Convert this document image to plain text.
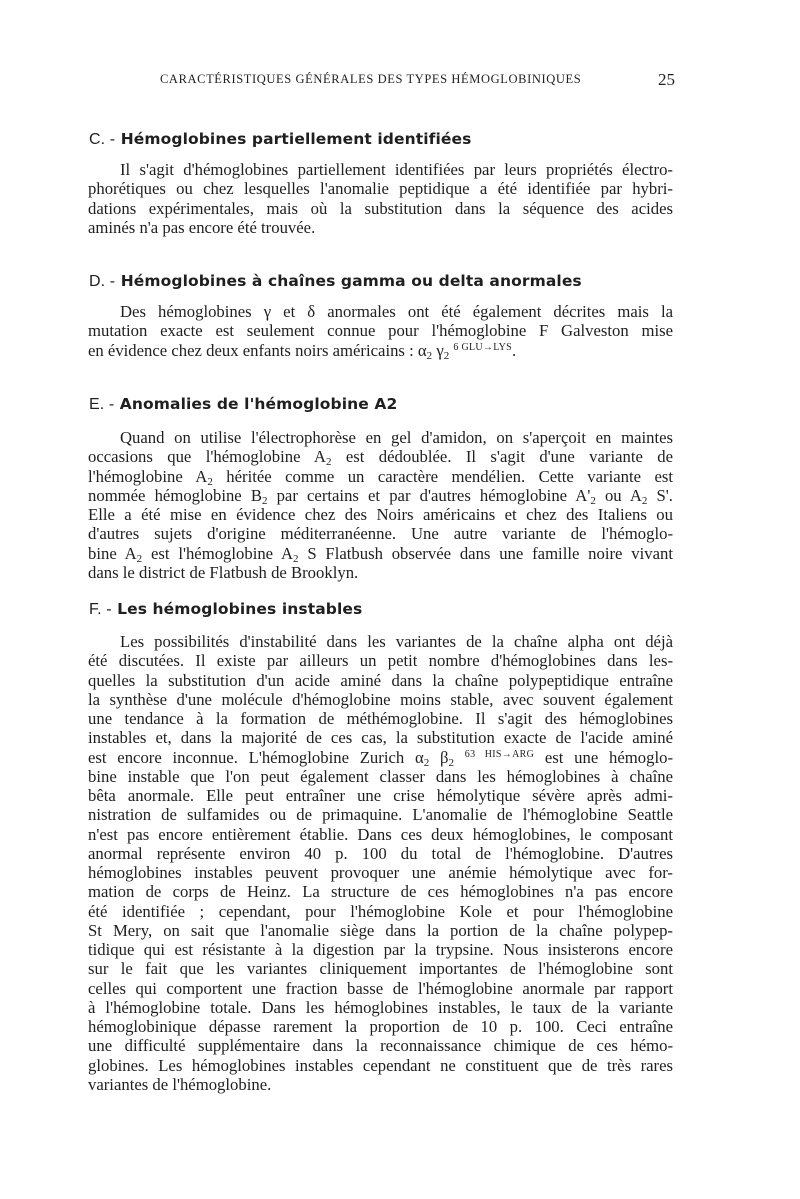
CARACTÉRISTIQUES GÉNÉRALES DES TYPES HÉMOGLOBINIQUES	25
C. - Hémoglobines partiellement identifiées
Il s'agit d'hémoglobines partiellement identifiées par leurs propriétés électro-
phorétiques ou chez lesquelles l'anomalie peptidique a été identifiée par hybri-
dations expérimentales, mais où la substitution dans la séquence des acides
aminés n'a pas encore été trouvée.
D. - Hémoglobines à chaînes gamma ou delta anormales
Des hémoglobines γ et δ anormales ont été également décrites mais la
mutation exacte est seulement connue pour l'hémoglobine F Galveston mise
en évidence chez deux enfants noirs américains : $\alpha_2$ $\gamma_2$ $^{6 GLU\to LYS}$.
E. - Anomalies de l'hémoglobine A2
Quand on utilise l'électrophorèse en gel d'amidon, on s'aperçoit en maintes
occasions que l'hémoglobine $A_2$ est dédoublée. Il s'agit d'une variante de
l'hémoglobine $A_2$ héritée comme un caractère mendélien. Cette variante est
nommée hémoglobine $B_2$ par certains et par d'autres hémoglobine $A'_2$ ou $A_2$ S'.
Elle a été mise en évidence chez des Noirs américains et chez des Italiens ou
d'autres sujets d'origine méditerranéenne. Une autre variante de l'hémoglo-
bine $A_2$ est l'hémoglobine $A_2$ S Flatbush observée dans une famille noire vivant
dans le district de Flatbush de Brooklyn.
F. - Les hémoglobines instables
Les possibilités d'instabilité dans les variantes de la chaîne alpha ont déjà
été discutées. Il existe par ailleurs un petit nombre d'hémoglobines dans les-
quelles la substitution d'un acide aminé dans la chaîne polypeptidique entraîne
la synthèse d'une molécule d'hémoglobine moins stable, avec souvent également
une tendance à la formation de méthémoglobine. Il s'agit des hémoglobines
instables et, dans la majorité de ces cas, la substitution exacte de l'acide aminé
est encore inconnue. L'hémoglobine Zurich $\alpha_2$ $\beta_2$ $^{63 HIS\to ARG}$ est une hémoglo-
bine instable que l'on peut également classer dans les hémoglobines à chaîne
bêta anormale. Elle peut entraîner une crise hémolytique sévère après admi-
nistration de sulfamides ou de primaquine. L'anomalie de l'hémoglobine Seattle
n'est pas encore entièrement établie. Dans ces deux hémoglobines, le composant
anormal représente environ 40 p. 100 du total de l'hémoglobine. D'autres
hémoglobines instables peuvent provoquer une anémie hémolytique avec for-
mation de corps de Heinz. La structure de ces hémoglobines n'a pas encore
été identifiée ; cependant, pour l'hémoglobine Kole et pour l'hémoglobine
St Mery, on sait que l'anomalie siège dans la portion de la chaîne polypep-
tidique qui est résistante à la digestion par la trypsine. Nous insisterons encore
sur le fait que les variantes cliniquement importantes de l'hémoglobine sont
celles qui comportent une fraction basse de l'hémoglobine anormale par rapport
à l'hémoglobine totale. Dans les hémoglobines instables, le taux de la variante
hémoglobinique dépasse rarement la proportion de 10 p. 100. Ceci entraîne
une difficulté supplémentaire dans la reconnaissance chimique de ces hémo-
globines. Les hémoglobines instables cependant ne constituent que de très rares
variantes de l'hémoglobine.
